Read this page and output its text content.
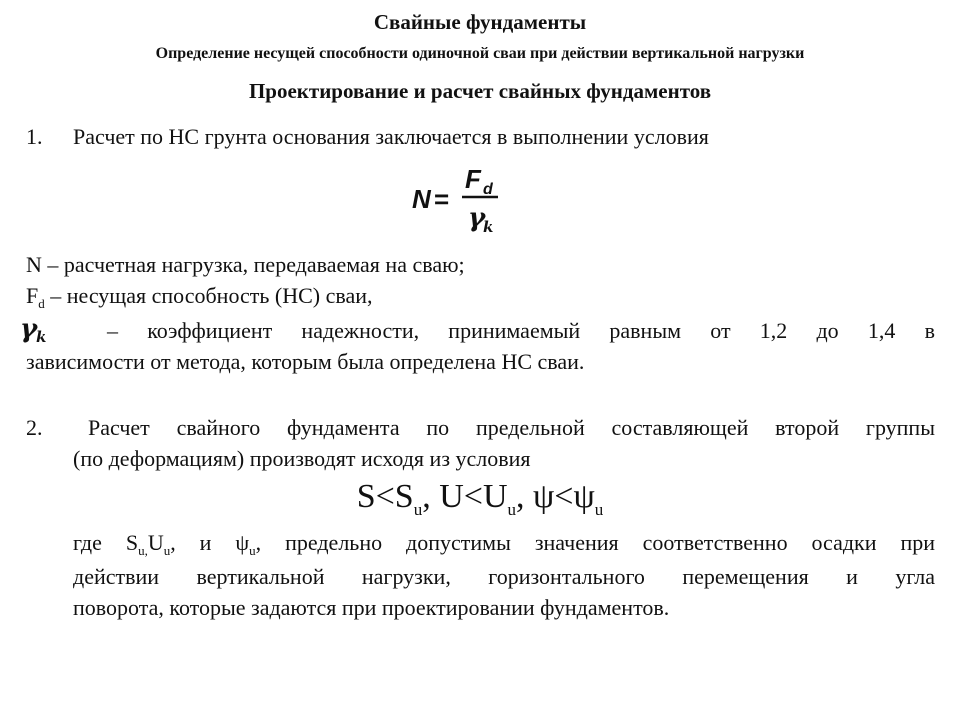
Свайные фундаменты
Определение несущей способности одиночной сваи при действии вертикальной нагрузки
Проектирование и расчет свайных фундаментов
1. Расчет по НС грунта основания заключается в выполнении условия
N =
F d
γ
k
N – расчетная нагрузка, передаваемая на сваю;
$F_d$ – несущая способность (НС) сваи,
γ
k	– коэффициент надежности, принимаемый равным от 1,2 до 1,4 в
зависимости от метода, которым была определена НС сваи.
2. Расчет свайного фундамента по предельной составляющей второй группы
(по деформациям) производят исходя из условия
$S<S_u$, $U<U_u$, $\psi<\psi_u$
где $S_{u,}U_u$, и $\psi_u$, предельно допустимы значения соответственно осадки при
действии вертикальной нагрузки, горизонтального перемещения и угла
поворота, которые задаются при проектировании фундаментов.
